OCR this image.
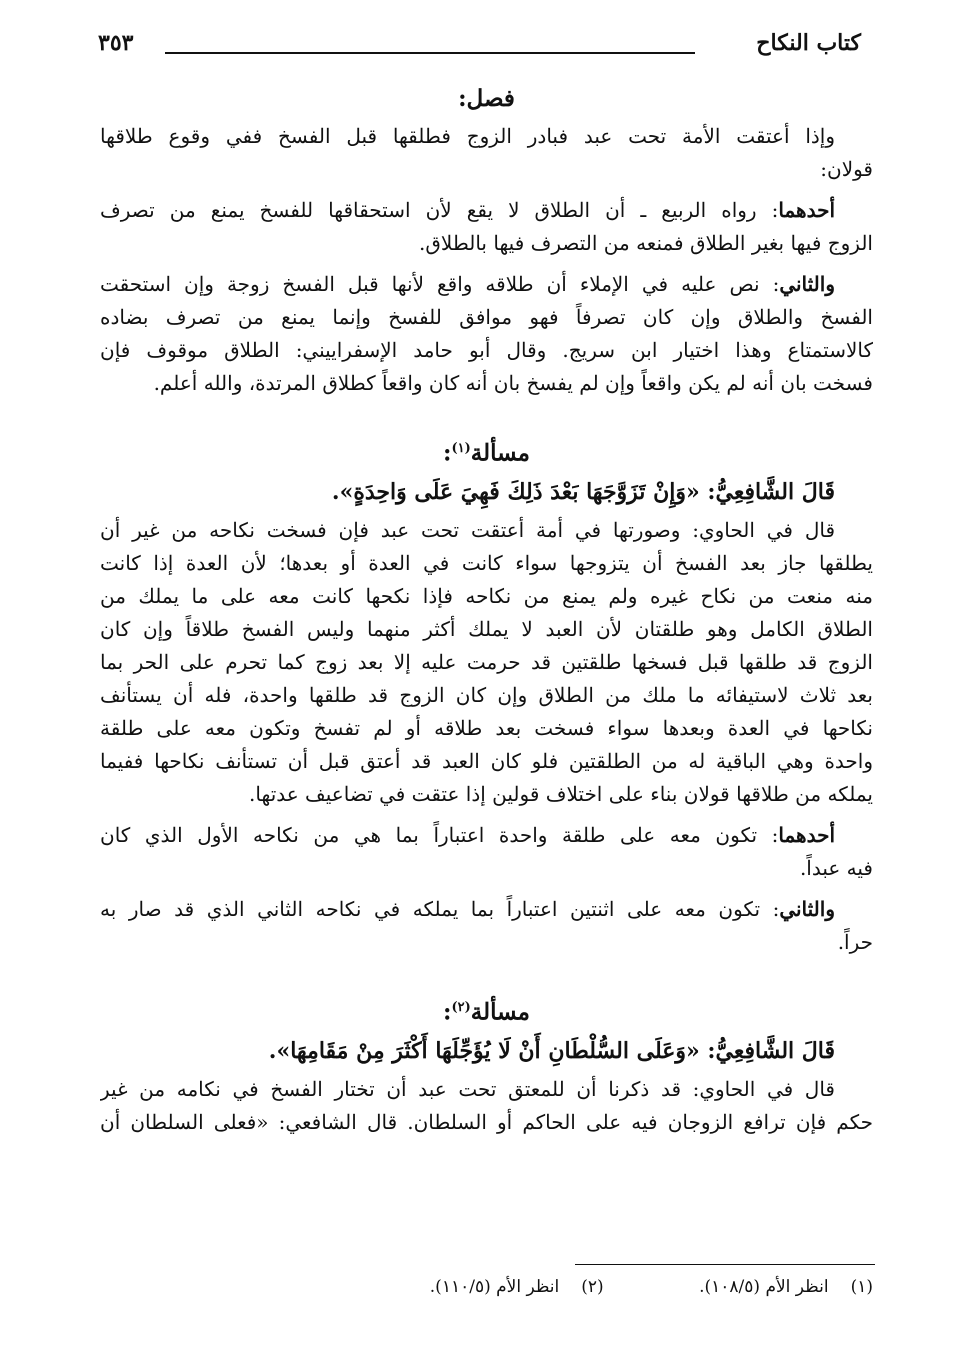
كتاب النكاح
٣٥٣
فصل:
وإذا أعتقت الأمة تحت عبد فبادر الزوج فطلقها قبل الفسخ ففي وقوع طلاقها
قولان:
أحدهما: رواه الربيع ـ أن الطلاق لا يقع لأن استحقاقها للفسخ يمنع من تصرف
الزوج فيها بغير الطلاق فمنعه من التصرف فيها بالطلاق.
والثاني: نص عليه في الإملاء أن طلاقه واقع لأنها قبل الفسخ زوجة وإن استحقت
الفسخ والطلاق وإن كان تصرفاً فهو موافق للفسخ وإنما يمنع من تصرف بضاده
كالاستمتاع وهذا اختيار ابن سريج. وقال أبو حامد الإسفراييني: الطلاق موقوف فإن
فسخت بان أنه لم يكن واقعاً وإن لم يفسخ بان أنه كان واقعاً كطلاق المرتدة، والله أعلم.
مسألة$^{(١)}$:
قَالَ الشَّافِعِيُّ: «وَإِنْ تَزَوَّجَهَا بَعْدَ ذَلِكَ فَهِيَ عَلَى وَاحِدَةٍ».
قال في الحاوي: وصورتها في أمة أعتقت تحت عبد فإن فسخت نكاحه من غير أن
يطلقها جاز بعد الفسخ أن يتزوجها سواء كانت في العدة أو بعدها؛ لأن العدة إذا كانت
منه منعت من نكاح غيره ولم يمنع من نكاحه فإذا نكحها كانت معه على ما يملك من
الطلاق الكامل وهو طلقتان لأن العبد لا يملك أكثر منهما وليس الفسخ طلاقاً وإن كان
الزوج قد طلقها قبل فسخها طلقتين قد حرمت عليه إلا بعد زوج كما تحرم على الحر بما
بعد ثلاث لاستيفائه ما ملك من الطلاق وإن كان الزوج قد طلقها واحدة، فله أن يستأنف
نكاحها في العدة وبعدها سواء فسخت بعد طلاقه أو لم تفسخ وتكون معه على طلقة
واحدة وهي الباقية له من الطلقتين فلو كان العبد قد أعتق قبل أن تستأنف نكاحها ففيما
يملكه من طلاقها قولان بناء على اختلاف قولين إذا عتقت في تضاعيف عدتها.
أحدهما: تكون معه على طلقة واحدة اعتباراً بما هي من نكاحه الأول الذي كان
فيه عبداً.
والثاني: تكون معه على اثنتين اعتباراً بما يملكه في نكاحه الثاني الذي قد صار به
حراً.
مسألة$^{(٢)}$:
قَالَ الشَّافِعِيُّ: «وَعَلَى السُّلْطَانِ أَنْ لَا يُؤَجِّلَهَا أَكْثَرَ مِنْ مَقَامِهَا».
قال في الحاوي: قد ذكرنا أن للمعتق تحت عبد أن تختار الفسخ في نكامه من غير
حكم فإن ترافع الزوجان فيه على الحاكم أو السلطان. قال الشافعي: «فعلى السلطان أن
(١)انظر الأم (١٠٨/٥). (٢)انظر الأم (١١٠/٥).
